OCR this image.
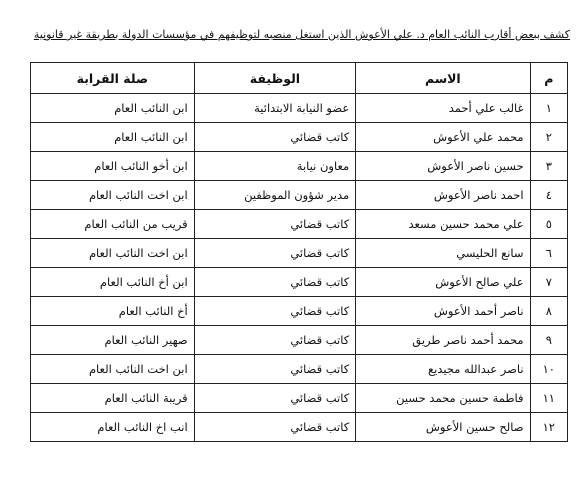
كشف ببعض أقارب النائب العام د. علي الأعوش الذين استغل منصبه لتوظيفهم في مؤسسات الدولة بطريقة غير قانونية
م	الاسم	الوظيفة	صلة القرابة
١	غالب علي أحمد	عضو النيابة الابتدائية	ابن النائب العام
٢	محمد علي الأعوش	كاتب قضائي	ابن النائب العام
٣	حسين ناصر الأعوش	معاون نيابة	ابن أخو النائب العام
٤	احمد ناصر الأعوش	مدير شؤون الموظفين	ابن اخت النائب العام
٥	علي محمد حسين مسعد	كاتب قضائي	قريب من النائب العام
٦	سانع الحليسي	كاتب قضائي	ابن اخت النائب العام
٧	علي صالح الأعوش	كاتب قضائي	ابن أخ النائب العام
٨	ناصر أحمد الأعوش	كاتب قضائي	أخ النائب العام
٩	محمد أحمد ناصر طريق	كاتب قضائي	صهير النائب العام
١٠	ناصر عبدالله مجيديع	كاتب قضائي	ابن اخت النائب العام
١١	فاطمة حسين محمد حسين	كاتب قضائي	قريبة النائب العام
١٢	صالح حسين الأعوش	كاتب قضائي	انب اخ النائب العام
